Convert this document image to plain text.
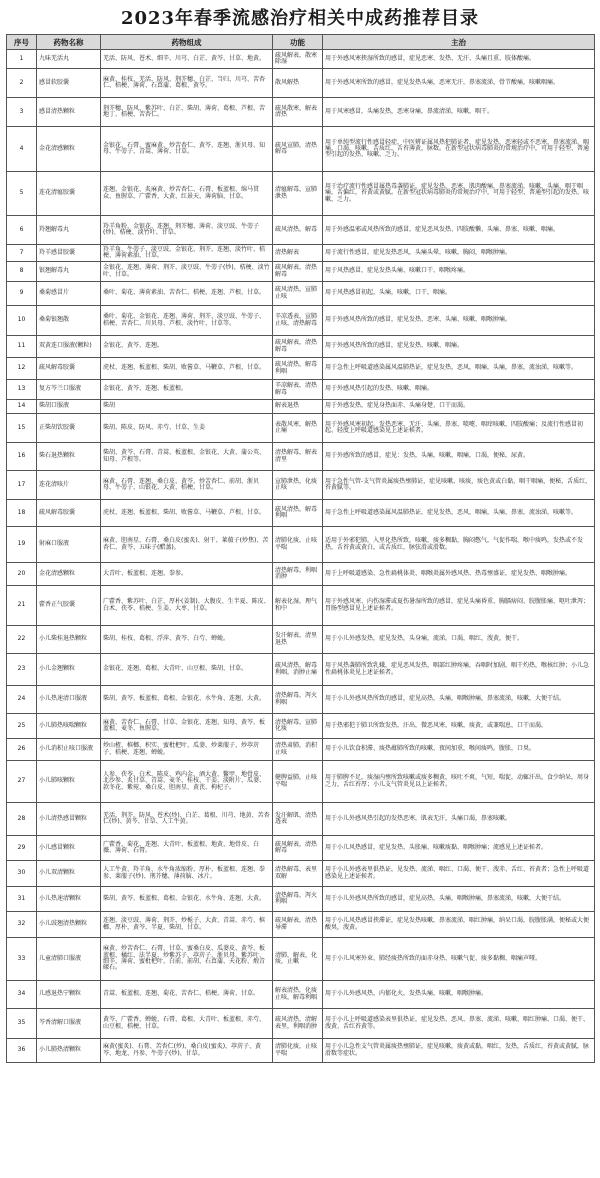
2023年春季流感治疗相关中成药推荐目录
序号	药物名称	药物组成	功能	主治
1	九味羌活丸	羌活、防风、苍术、细辛、川芎、白芷、黄芩、甘草、地黄。	疏风解表，散寒除湿	用于外感风寒挟湿所致的感冒，症见恶寒、发热、无汗、头痛且重、肢体酸痛。
2	感冒软胶囊	麻黄、桂枝、羌活、防风、荆芥穗、白芷、当归、川芎、苦杏仁、桔梗、薄荷、石菖蒲、葛根、黄芩。	散风解热	用于外感风寒所致的感冒，症见发热头痛，恶寒无汗，鼻塞流涕，骨节酸痛，咳嗽咽痛。
3	感冒清热颗粒	荆芥穗、防风、紫苏叶、白芷、柴胡、薄荷、葛根、芦根、苦地丁、桔梗、苦杏仁。	疏风散寒，解表清热	用于风寒感冒，头痛发热，恶寒身痛，鼻流清涕，咳嗽，咽干。
4	金花清感颗粒	金银花、石膏、蜜麻黄、炒苦杏仁、黄芩、连翘、浙贝母、知母、牛蒡子、青蒿、薄荷、甘草。	疏风宣肺，清热解毒	用于单纯型流行性感冒轻症，中医辨证属风热犯肺证者，症见发热，恶寒轻或不恶寒，鼻塞流涕，咽痛，口渴，咳嗽，舌质红，舌苔薄黄，脉数。在新型冠状病毒肺炎的常规治疗中，可用于轻型、普通型引起的发热、咳嗽、乏力。
5	连花清瘟胶囊	连翘、金银花、炙麻黄、炒苦杏仁、石膏、板蓝根、绵马贯众、鱼腥草、广藿香、大黄、红景天、薄荷脑、甘草。	清瘟解毒，宣肺泄热	用于治疗流行性感冒属热毒袭肺证，症见发热，恶寒，肌肉酸痛，鼻塞流涕，咳嗽，头痛，咽干咽痛，舌偏红，苔黄或黄腻。在新型冠状病毒肺炎的常规治疗中，可用于轻型、普通型引起的发热、咳嗽、乏力。
6	羚翘解毒丸	羚羊角粉、金银花、连翘、荆芥穗、薄荷、淡豆豉、牛蒡子(炒)、桔梗、淡竹叶、甘草。	疏风清热，解毒	用于外感温邪或风热所致的感冒，症见恶风发热、四肢酸懒、头痛、鼻塞、咳嗽、咽痛。
7	羚羊感冒胶囊	羚羊角、牛蒡子、淡豆豉、金银花、荆芥、连翘、淡竹叶、桔梗、薄荷素油、甘草。	清热解表	用于流行性感冒，症见发热恶风，头痛头晕，咳嗽，胸闷，咽喉肿痛。
8	银翘解毒丸	金银花、连翘、薄荷、荆芥、淡豆豉、牛蒡子(炒)、桔梗、淡竹叶、甘草。	疏风解表，清热解毒	用于风热感冒，症见发热头痛、咳嗽口干、咽喉疼痛。
9	桑菊感冒片	桑叶、菊花、薄荷素油、苦杏仁、桔梗、连翘、芦根、甘草。	疏风清热，宣肺止咳	用于风热感冒初起，头痛，咳嗽，口干，咽痛。
10	桑菊银翘散	桑叶、菊花、金银花、连翘、薄荷、荆芥、淡豆豉、牛蒡子、桔梗、苦杏仁、川贝母、芦根、淡竹叶、甘草等。	辛凉透表，宣肺止咳，清热解毒	用于外感风热所致的感冒，症见发热、恶寒、头痛、咳嗽、咽喉肿痛。
11	双黄连口服液(颗粒)	金银花、黄芩、连翘。	疏风解表，清热解毒	用于外感风热所致的感冒，症见发热、咳嗽、咽痛。
12	疏风解毒胶囊	虎杖、连翘、板蓝根、柴胡、败酱草、马鞭草、芦根、甘草。	疏风清热，解毒利咽	用于急性上呼吸道感染属风温肺热证，症见发热，恶风，咽痛，头痛，鼻塞，流浊涕，咳嗽等。
13	复方芩兰口服液	金银花、黄芩、连翘、板蓝根。	辛凉解表，清热解毒	用于外感风热引起的发热、咳嗽、咽痛。
14	柴胡口服液	柴胡	解表退热	用于外感发热，症见身热面赤、头痛身楚、口干而渴。
15	正柴胡饮胶囊	柴胡、陈皮、防风、赤芍、甘草、生姜	表散风寒，解热止痛	用于外感风寒初起，发热恶寒、无汗、头痛、鼻塞、喷嚏、咽痒咳嗽、四肢酸痛；及流行性感冒初起、轻度上呼吸道感染见上述证候者。
16	柴石退热颗粒	柴胡、黄芩、石膏、青蒿、板蓝根、金银花、大黄、蒲公英、知母、芦根等。	清热解毒，解表清里	用于外感所致的感冒，症见：发热，头痛，咳嗽，咽痛，口渴，便秘，尿黄。
17	连花清咳片	麻黄、石膏、连翘、桑白皮、黄芩、炒苦杏仁、前胡、浙贝母、牛蒡子、山银花、大黄、桔梗、甘草。	宣肺泄热，化痰止咳	用于急性气管-支气管炎属痰热壅肺证，症见咳嗽，咳痰，痰色黄或白黏，咽干咽痛，便秘，舌质红，苔黄腻等。
18	疏风解毒胶囊	虎杖、连翘、板蓝根、柴胡、败酱草、马鞭草、芦根、甘草。	疏风清热，解毒利咽	用于急性上呼吸道感染属风温肺热证，症见发热，恶风，咽痛，头痛，鼻塞，流浊涕，咳嗽等。
19	射麻口服液	麻黄、胆南星、石膏、桑白皮(蜜炙)、射干、莱菔子(炒焦)、苦杏仁、黄芩、五味子(醋蒸)。	清肺化痰，止咳平喘	适用于外邪犯肺，入里化热所致，咳嗽，痰多稠黏，胸闷憋气，气促作喘，喉中痰鸣，发热或不发热，舌苔黄或黄白，或舌质红，脉弦滑或滑数。
20	金花清感颗粒	大青叶、板蓝根、连翘、拳参。	清热解毒，利咽消肿	用于上呼吸道感染、急性扁桃体炎、咽喉炎属外感风热、热毒壅盛证，症见发热、咽喉肿痛。
21	藿香正气胶囊	广藿香、紫苏叶、白芷、厚朴(姜制)、大腹皮、生半夏、陈皮、白术、茯苓、桔梗、生姜、大枣、甘草。	解表化湿，理气和中	用于外感风寒、内伤湿滞或夏伤暑湿所致的感冒，症见头痛昏重、胸膈痞闷、脘腹胀痛、呕吐泄泻；胃肠型感冒见上述证候者。
22	小儿柴桂退热颗粒	柴胡、桂枝、葛根、浮萍、黄芩、白芍、蝉蜕。	发汗解表，清里退热	用于小儿外感发热，症见发热，头身痛，流涕，口渴，咽红，溲黄，便干。
23	小儿金翘颗粒	金银花、连翘、葛根、大青叶、山豆根、柴胡、甘草。	疏风清热，解毒利咽，消肿止痛	用于风热袭肺所致乳蛾，症见恶风发热，咽部红肿疼痛，吞咽时加剧，咽干灼热，喉核红肿；小儿急性扁桃体炎见上述证候者。
24	小儿热速清口服液	柴胡、黄芩、板蓝根、葛根、金银花、水牛角、连翘、大黄。	清热解毒，泻火利咽	用于小儿外感风热所致的感冒，症见高热，头痛，咽喉肿痛，鼻塞流涕，咳嗽，大便干结。
25	小儿肺热咳喘颗粒	麻黄、苦杏仁、石膏、甘草、金银花、连翘、知母、黄芩、板蓝根、麦冬、鱼腥草。	清热解毒，宣肺化痰	用于热邪犯于肺卫所致发热，汗出，微恶风寒，咳嗽，痰黄，或兼喘息，口干而渴。
26	小儿消积止咳口服液	炒山楂、槟榔、枳实、蜜枇杷叶、瓜蒌、炒莱菔子、炒葶苈子、桔梗、连翘、蝉蜕。	清热肃肺，消积止咳	用于小儿饮食积滞、痰热蕴肺所致的咳嗽、夜间加重，喉间痰鸣，腹胀，口臭。
27	小儿肺咳颗粒	人参、茯苓、白术、陈皮、鸡内金、酒大黄、鳖甲、地骨皮、北沙参、炙甘草、青蒿、麦冬、桂枝、干姜、淡附片、瓜蒌、款冬花、紫菀、桑白皮、胆南星、黄芪、枸杞子。	健脾益肺，止咳平喘	用于肺脾不足，痰湿内壅所致咳嗽或痰多稠黄，咳吐不爽，气短，喘促，动辄汗出，食少纳呆，周身乏力，舌红苔厚；小儿支气管炎见以上证候者。
28	小儿清热感冒颗粒	羌活、荆芥、防风、苍术(炒)、白芷、葛根、川芎、地黄、苦杏仁(炒)、黄芩、甘草、人工牛黄。	发汗解肌，清热透表	用于小儿外感风热引起的发热恶寒，肌表无汗，头痛口渴，鼻塞咳嗽。
29	小儿感冒颗粒	广藿香、菊花、连翘、大青叶、板蓝根、地黄、地骨皮、白薇、薄荷、石膏。	疏风解表，清热解毒	用于小儿风热感冒，症见发热、头胀痛、咳嗽痰黏、咽喉肿痛；流感见上述证候者。
30	小儿双清颗粒	人工牛黄、羚羊角、水牛角浓缩粉、厚朴、板蓝根、连翘、拳参、莱菔子(炒)、荆芥穗、薄荷脑、冰片。	清热解毒，表里双解	用于小儿外感表里俱热证，见发热、流涕、咽红、口渴、便干、溲赤、舌红、苔黄者；急性上呼吸道感染见上述证候者。
31	小儿热速清颗粒	柴胡、黄芩、板蓝根、葛根、金银花、水牛角、连翘、大黄。	清热解毒，泻火利咽	用于小儿外感风热所致的感冒，症见高热，头痛，咽喉肿痛，鼻塞流涕，咳嗽，大便干结。
32	小儿豉翘清热颗粒	连翘、淡豆豉、薄荷、荆芥、炒栀子、大黄、青蒿、赤芍、槟榔、厚朴、黄芩、半夏、柴胡、甘草。	疏风解表，清热导滞	用于小儿风热感冒挟滞证，症见发热咳嗽，鼻塞流涕，咽红肿痛，纳呆口渴，脘腹胀满，便秘或大便酸臭，溲黄。
33	儿童清肺口服液	麻黄、炒苦杏仁、石膏、甘草、蜜桑白皮、瓜蒌皮、黄芩、板蓝根、橘红、法半夏、炒紫苏子、葶苈子、浙贝母、紫苏叶、细辛、薄荷、蜜枇杷叶、白前、前胡、石菖蒲、天花粉、煅青礞石。	清肺，解表，化痰，止嗽	用于小儿风寒外束、肺经痰热所致的面赤身热、咳嗽气促、痰多黏稠、咽痛声哑。
34	儿感退热宁颗粒	青蒿、板蓝根、连翘、菊花、苦杏仁、桔梗、薄荷、甘草。	解表清热，化痰止咳，解毒利咽	用于小儿外感风热，内郁化火，发热头痛，咳嗽，咽喉肿痛。
35	芩香清解口服液	黄芩、广藿香、蝉蜕、石膏、葛根、大青叶、板蓝根、赤芍、山豆根、桔梗、甘草。	疏风清热，清解表里，利咽消肿	用于小儿上呼吸道感染表里俱热证，症见发热、恶风、鼻塞、流涕、咳嗽、咽红肿痛、口渴、便干、溲黄、舌红苔黄等。
36	小儿肺热清颗粒	麻黄(蜜炙)、石膏、苦杏仁(炒)、桑白皮(蜜炙)、葶苈子、黄芩、地龙、丹参、牛蒡子(炒)、甘草。	清肺化痰，止咳平喘	用于小儿急性支气管炎属痰热壅肺证，症见咳嗽，痰黄或黏，咽红，发热，舌质红，苔黄或黄腻，脉滑数等症状。
